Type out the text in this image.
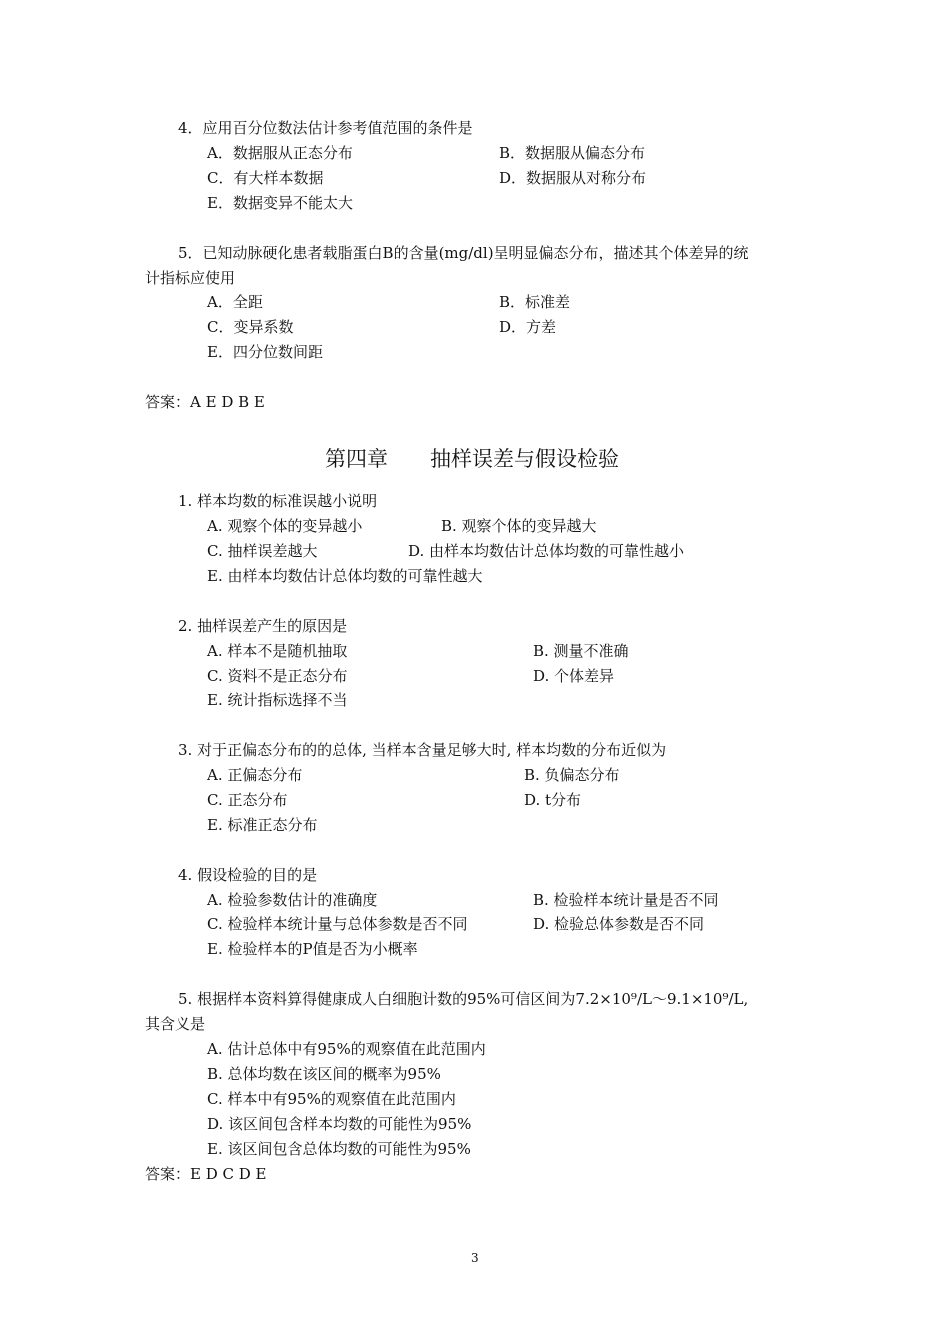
4．应用百分位数法估计参考值范围的条件是
A．数据服从正态分布	B．数据服从偏态分布
C．有大样本数据	D．数据服从对称分布
E．数据变异不能太大
5．已知动脉硬化患者载脂蛋白B的含量(mg/dl)呈明显偏态分布，描述其个体差异的统
计指标应使用
A．全距	B．标准差
C．变异系数	D．方差
E．四分位数间距
答案：A E D B E
第四章　　抽样误差与假设检验
1. 样本均数的标准误越小说明
A. 观察个体的变异越小	B. 观察个体的变异越大
C. 抽样误差越大	D. 由样本均数估计总体均数的可靠性越小
E. 由样本均数估计总体均数的可靠性越大
2. 抽样误差产生的原因是
A. 样本不是随机抽取	B. 测量不准确
C. 资料不是正态分布	D. 个体差异
E. 统计指标选择不当
3. 对于正偏态分布的的总体, 当样本含量足够大时, 样本均数的分布近似为
A. 正偏态分布	B. 负偏态分布
C. 正态分布	D. t分布
E. 标准正态分布
4. 假设检验的目的是
A. 检验参数估计的准确度	B. 检验样本统计量是否不同
C. 检验样本统计量与总体参数是否不同	D. 检验总体参数是否不同
E. 检验样本的P值是否为小概率
5. 根据样本资料算得健康成人白细胞计数的95%可信区间为7.2×10⁹/L～9.1×10⁹/L,
其含义是
A. 估计总体中有95%的观察值在此范围内
B. 总体均数在该区间的概率为95%
C. 样本中有95%的观察值在此范围内
D. 该区间包含样本均数的可能性为95%
E. 该区间包含总体均数的可能性为95%
答案：E D C D E
3
